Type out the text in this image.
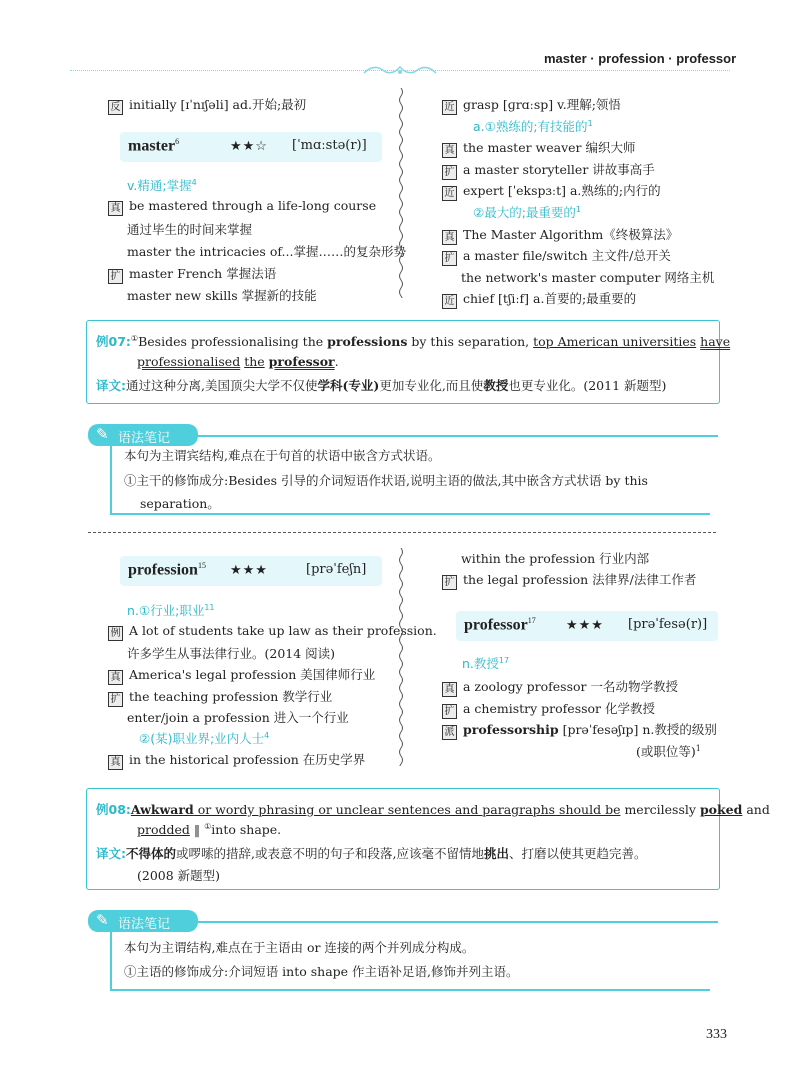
master · profession · professor
反 initially [ɪˈnɪʃəli] ad.开始;最初
master$^6$	★★☆ [ˈmɑːstə(r)]
v.精通;掌握$^4$
真 be mastered through a life-long course
通过毕生的时间来掌握
master the intricacies of...掌握……的复杂形势
扩 master French 掌握法语
master new skills 掌握新的技能
近 grasp [ɡrɑːsp] v.理解;领悟
a.①熟练的;有技能的$^1$
真 the master weaver 编织大师
扩 a master storyteller 讲故事高手
近 expert [ˈekspɜːt] a.熟练的;内行的
②最大的;最重要的$^1$
真 The Master Algorithm《终极算法》
扩 a master file/switch 主文件/总开关
the network's master computer 网络主机
近 chief [tʃiːf] a.首要的;最重要的
例07:①Besides professionalising the professions by this separation, top American universities have
professionalised the professor.
译文:通过这种分离,美国顶尖大学不仅使学科(专业)更加专业化,而且使教授也更专业化。(2011 新题型)
✎ 语法笔记
本句为主谓宾结构,难点在于句首的状语中嵌含方式状语。
①主干的修饰成分:Besides 引导的介词短语作状语,说明主语的做法,其中嵌含方式状语 by this
separation。
profession$^{15}$ ★★★	[prəˈfeʃn]
n.①行业;职业$^{11}$
例 A lot of students take up law as their profession.
许多学生从事法律行业。(2014 阅读)
真 America's legal profession 美国律师行业
扩 the teaching profession 教学行业
enter/join a profession 进入一个行业
②(某)职业界;业内人士$^4$
真 in the historical profession 在历史学界
within the profession 行业内部
扩 the legal profession 法律界/法律工作者
professor$^{17}$ ★★★ [prəˈfesə(r)]
n.教授$^{17}$
真 a zoology professor 一名动物学教授
扩 a chemistry professor 化学教授
派 professorship [prəˈfesəʃɪp] n.教授的级别
(或职位等)$^1$
例08:Awkward or wordy phrasing or unclear sentences and paragraphs should be mercilessly poked and
prodded ‖ ①into shape.
译文:不得体的或啰嗦的措辞,或表意不明的句子和段落,应该毫不留情地挑出、打磨以使其更趋完善。
(2008 新题型)
✎ 语法笔记
本句为主谓结构,难点在于主语由 or 连接的两个并列成分构成。
①主语的修饰成分:介词短语 into shape 作主语补足语,修饰并列主语。
333
